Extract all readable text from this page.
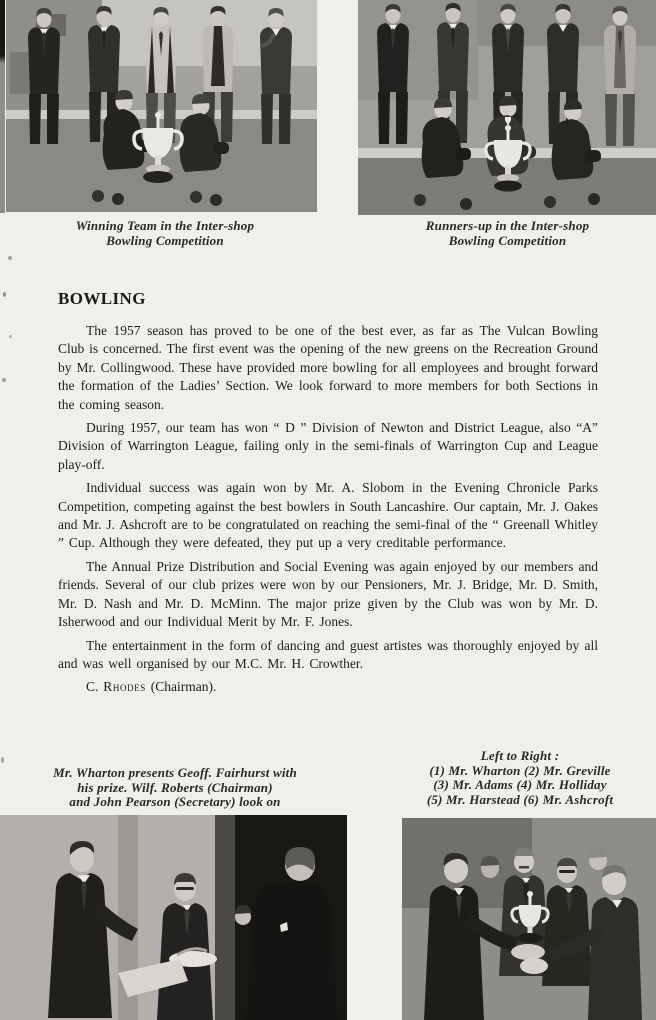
Winning Team in the Inter-shop
Bowling Competition
Runners-up in the Inter-shop
Bowling Competition
BOWLING

The 1957 season has proved to be one of the best ever, as far as The Vulcan Bowling Club is concerned. The first event was the opening of the new greens on the Recreation Ground by Mr. Collingwood. These have provided more bowling for all employees and brought forward the formation of the Ladies’ Section. We look forward to more members for both Sections in the coming season.

During 1957, our team has won “ D ” Division of Newton and District League, also “A” Division of Warrington League, failing only in the semi-finals of Warrington Cup and League play-off.

Individual success was again won by Mr. A. Slobom in the Evening Chronicle Parks Competition, competing against the best bowlers in South Lancashire. Our captain, Mr. J. Oakes and Mr. J. Ashcroft are to be congratulated on reaching the semi-final of the “ Greenall Whitley ” Cup. Although they were defeated, they put up a very creditable performance.

The Annual Prize Distribution and Social Evening was again enjoyed by our members and friends. Several of our club prizes were won by our Pensioners, Mr. J. Bridge, Mr. D. Smith, Mr. D. Nash and Mr. D. McMinn. The major prize given by the Club was won by Mr. D. Isherwood and our Individual Merit by Mr. F. Jones.

The entertainment in the form of dancing and guest artistes was thoroughly enjoyed by all and was well organised by our M.C. Mr. H. Crowther.

C. Rhodes (Chairman).

Mr. Wharton presents Geoff. Fairhurst with
his prize. Wilf. Roberts (Chairman)
and John Pearson (Secretary) look on
Left to Right :
(1) Mr. Wharton (2) Mr. Greville
(3) Mr. Adams (4) Mr. Holliday
(5) Mr. Harstead (6) Mr. Ashcroft
